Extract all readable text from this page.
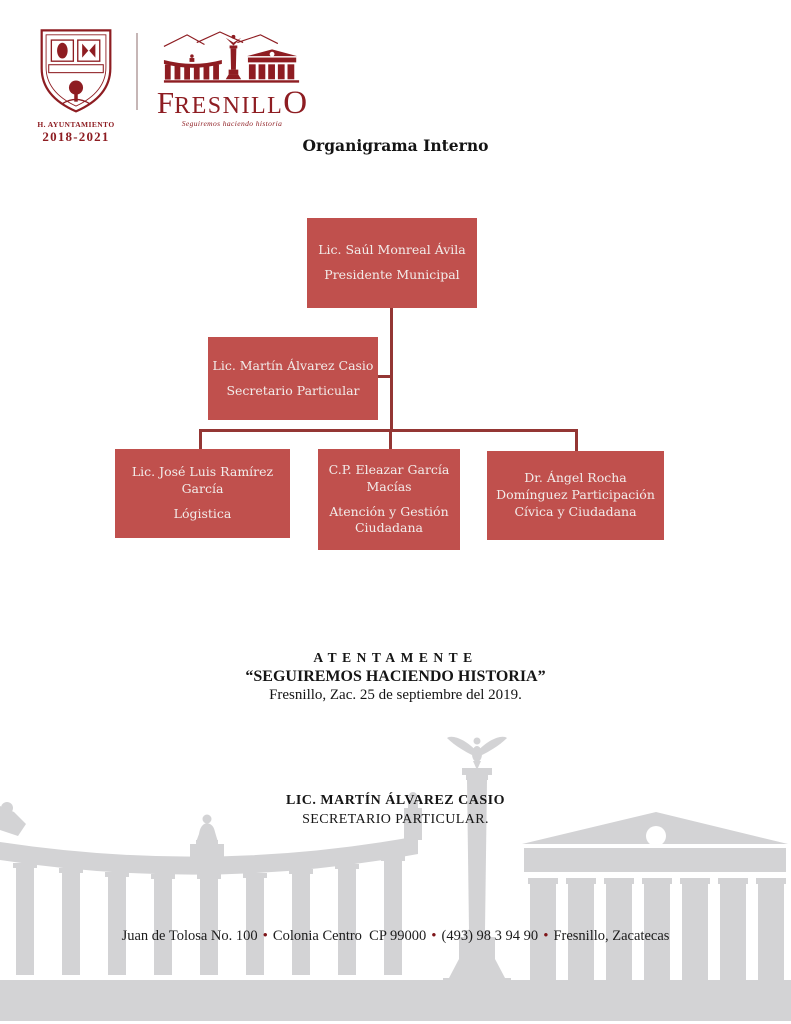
H. AYUNTAMIENTO
2018-2021
FRESNILLO
Seguiremos haciendo historia
Organigrama Interno

Lic. Saúl Monreal Ávila

Presidente Municipal

Lic. Martín Álvarez Casio

Secretario Particular

Lic. José Luis Ramírez García

Lógistica

C.P. Eleazar García Macías

Atención y Gestión Ciudadana

Dr. Ángel Rocha Domínguez Participación Cívica y Ciudadana

ATENTAMENTE
“SEGUIREMOS HACIENDO HISTORIA”
Fresnillo, Zac. 25 de septiembre del 2019.
LIC. MARTÍN ÁLVAREZ CASIO
SECRETARIO PARTICULAR.
Juan de Tolosa No. 100 • Colonia Centro  CP 99000 • (493) 98 3 94 90 • Fresnillo, Zacatecas
